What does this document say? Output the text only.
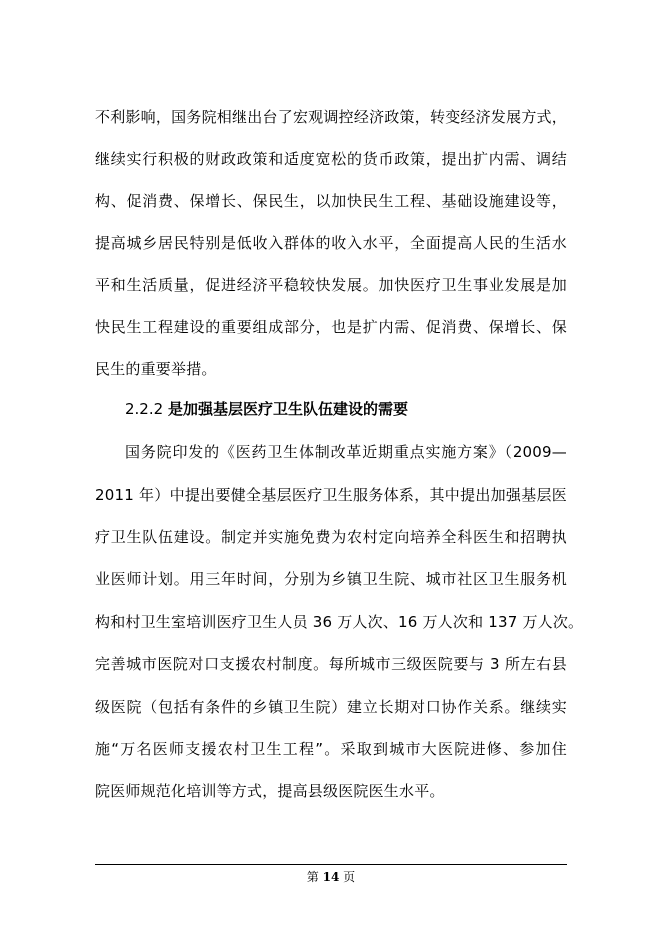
不利影响，国务院相继出台了宏观调控经济政策，转变经济发展方式，
继续实行积极的财政政策和适度宽松的货币政策，提出扩内需、调结
构、促消费、保增长、保民生，以加快民生工程、基础设施建设等，
提高城乡居民特别是低收入群体的收入水平，全面提高人民的生活水
平和生活质量，促进经济平稳较快发展。加快医疗卫生事业发展是加
快民生工程建设的重要组成部分，也是扩内需、促消费、保增长、保
民生的重要举措。
2.2.2 是加强基层医疗卫生队伍建设的需要
国务院印发的《医药卫生体制改革近期重点实施方案》（2009—
2011 年）中提出要健全基层医疗卫生服务体系，其中提出加强基层医
疗卫生队伍建设。制定并实施免费为农村定向培养全科医生和招聘执
业医师计划。用三年时间，分别为乡镇卫生院、城市社区卫生服务机
构和村卫生室培训医疗卫生人员 36 万人次、16 万人次和 137 万人次。
完善城市医院对口支援农村制度。每所城市三级医院要与 3 所左右县
级医院（包括有条件的乡镇卫生院）建立长期对口协作关系。继续实
施“万名医师支援农村卫生工程”。采取到城市大医院进修、参加住
院医师规范化培训等方式，提高县级医院医生水平。
第 14 页
